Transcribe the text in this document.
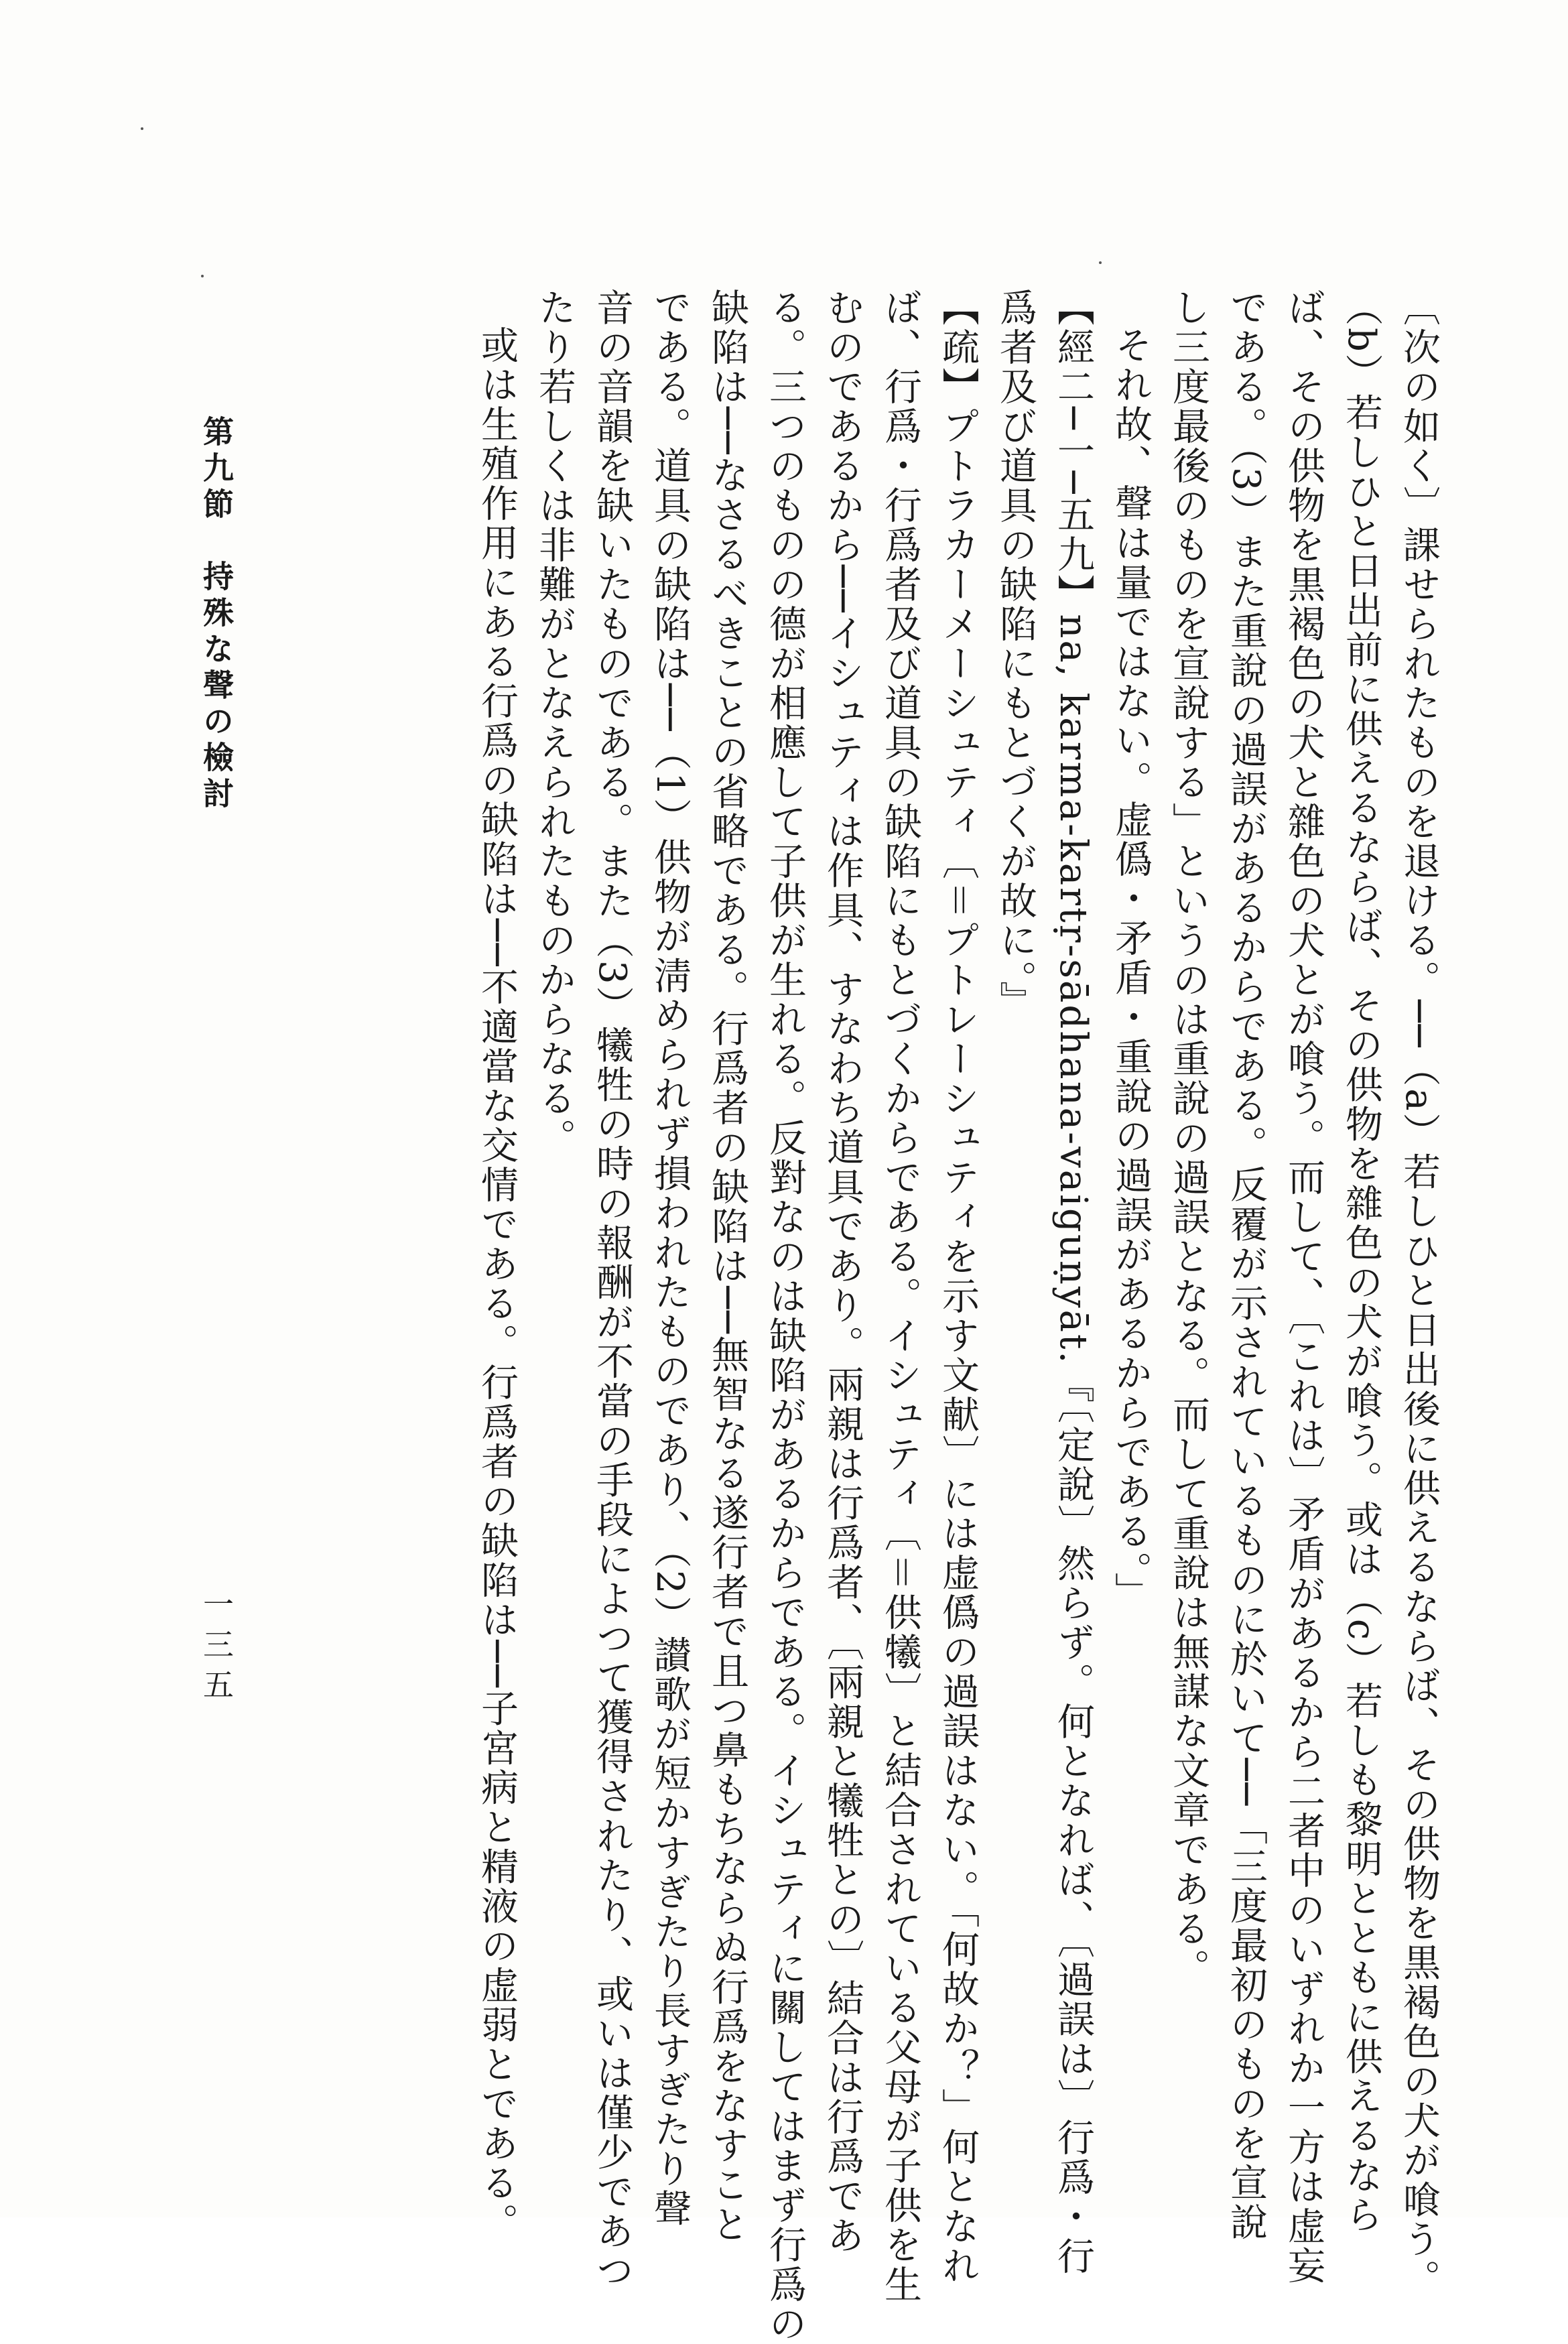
〔次の如く〕課せられたものを退ける。──（a）若しひと日出後に供えるならば、その供物を黒褐色の犬が喰う。

（b）若しひと日出前に供えるならば、その供物を雜色の犬が喰う。或は（c）若しも黎明とともに供えるなら

ば、その供物を黒褐色の犬と雜色の犬とが喰う。而して、〔これは〕矛盾があるから二者中のいずれか一方は虚妄

である。（3）また重說の過誤があるからである。反覆が示されているものに於いて──「三度最初のものを宣說

し三度最後のものを宣說する」というのは重說の過誤となる。而して重說は無謀な文章である。

それ故、聲は量ではない。虚僞・矛盾・重說の過誤があるからである。」

【經二─一─五九】na, karma-kartṛ-sādhana-vaiguṇyāt.『〔定說〕然らず。何となれば、〔過誤は〕行爲・行

爲者及び道具の缺陷にもとづくが故に。』

【疏】プトラカーメーシュティ〔＝プトレーシュティを示す文献〕には虚僞の過誤はない。「何故か？」何となれ

ば、行爲・行爲者及び道具の缺陷にもとづくからである。イシュティ〔＝供犧〕と結合されている父母が子供を生

むのであるから──イシュティは作具、すなわち道具であり。兩親は行爲者、〔兩親と犧牲との〕結合は行爲であ

る。三つのものの德が相應して子供が生れる。反對なのは缺陷があるからである。イシュティに關してはまず行爲の

缺陷は──なさるべきことの省略である。行爲者の缺陷は──無智なる遂行者で且つ鼻もちならぬ行爲をなすこと

である。道具の缺陷は──（1）供物が淸められず損われたものであり、（2）讃歌が短かすぎたり長すぎたり聲

音の音韻を缺いたものである。また（3）犧牲の時の報酬が不當の手段によつて獲得されたり、或いは僅少であつ

たり若しくは非難がとなえられたものからなる。

或は生殖作用にある行爲の缺陷は──不適當な交情である。行爲者の缺陷は──子宮病と精液の虚弱とである。

第九節　持殊な聲の檢討
一三五
